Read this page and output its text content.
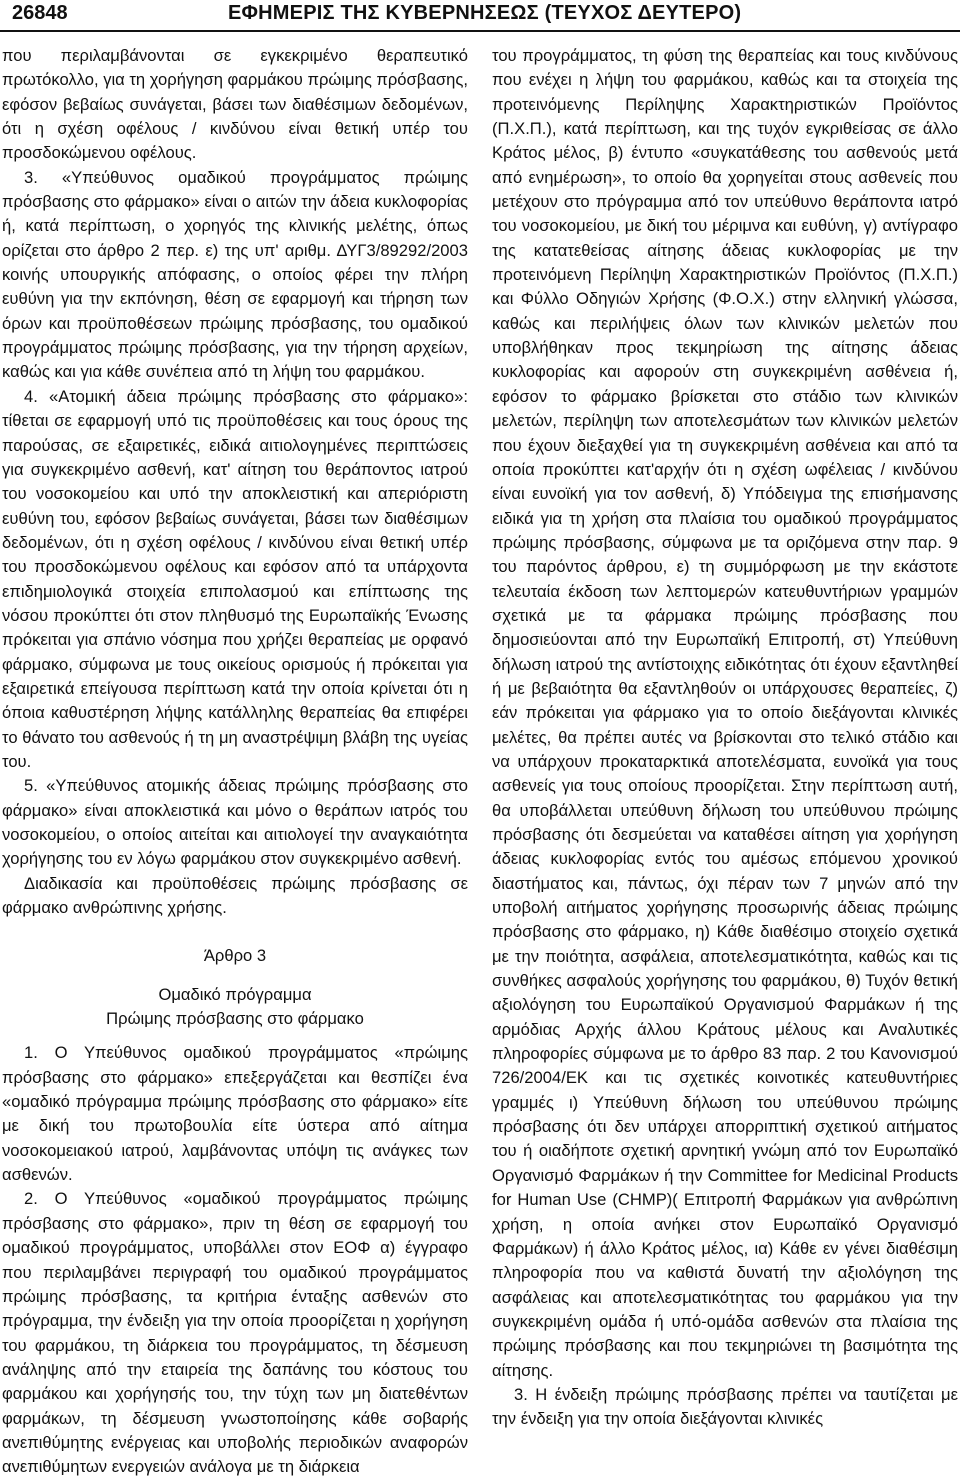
26848	ΕΦΗΜΕΡΙΣ ΤΗΣ ΚΥΒΕΡΝΗΣΕΩΣ (ΤΕΥΧΟΣ ΔΕΥΤΕΡΟ)

που περιλαμβάνονται σε εγκεκριμένο θεραπευτικό πρωτόκολλο, για τη χορήγηση φαρμάκου πρώιμης πρόσβασης, εφόσον βεβαίως συνάγεται, βάσει των διαθέσιμων δεδομένων, ότι η σχέση οφέλους / κινδύνου είναι θετική υπέρ του προσδοκώμενου οφέλους.

3. «Υπεύθυνος ομαδικού προγράμματος πρώιμης πρόσβασης στο φάρμακο» είναι ο αιτών την άδεια κυκλοφορίας ή, κατά περίπτωση, ο χορηγός της κλινικής μελέτης, όπως ορίζεται στο άρθρο 2 περ. ε) της υπ' αριθμ. ΔΥΓ3/89292/2003 κοινής υπουργικής απόφασης, ο οποίος φέρει την πλήρη ευθύνη για την εκπόνηση, θέση σε εφαρμογή και τήρηση των όρων και προϋποθέσεων πρώιμης πρόσβασης, του ομαδικού προγράμματος πρώιμης πρόσβασης, για την τήρηση αρχείων, καθώς και για κάθε συνέπεια από τη λήψη του φαρμάκου.

4. «Ατομική άδεια πρώιμης πρόσβασης στο φάρμακο»: τίθεται σε εφαρμογή υπό τις προϋποθέσεις και τους όρους της παρούσας, σε εξαιρετικές, ειδικά αιτιολογημένες περιπτώσεις για συγκεκριμένο ασθενή, κατ' αίτηση του θεράποντος ιατρού του νοσοκομείου και υπό την αποκλειστική και απεριόριστη ευθύνη του, εφόσον βεβαίως συνάγεται, βάσει των διαθέσιμων δεδομένων, ότι η σχέση οφέλους / κινδύνου είναι θετική υπέρ του προσδοκώμενου οφέλους και εφόσον από τα υπάρχοντα επιδημιολογικά στοιχεία επιπολασμού και επίπτωσης της νόσου προκύπτει ότι στον πληθυσμό της Ευρωπαϊκής Ένωσης πρόκειται για σπάνιο νόσημα που χρήζει θεραπείας με ορφανό φάρμακο, σύμφωνα με τους οικείους ορισμούς ή πρόκειται για εξαιρετικά επείγουσα περίπτωση κατά την οποία κρίνεται ότι η όποια καθυστέρηση λήψης κατάλληλης θεραπείας θα επιφέρει το θάνατο του ασθενούς ή τη μη αναστρέψιμη βλάβη της υγείας του.

5. «Υπεύθυνος ατομικής άδειας πρώιμης πρόσβασης στο φάρμακο» είναι αποκλειστικά και μόνο ο θεράπων ιατρός του νοσοκομείου, ο οποίος αιτείται και αιτιολογεί την αναγκαιότητα χορήγησης του εν λόγω φαρμάκου στον συγκεκριμένο ασθενή.

Διαδικασία και προϋποθέσεις πρώιμης πρόσβασης σε φάρμακο ανθρώπινης χρήσης.

Άρθρο 3

Ομαδικό πρόγραμμα

Πρώιμης πρόσβασης στο φάρμακο

1. Ο Υπεύθυνος ομαδικού προγράμματος «πρώιμης πρόσβασης στο φάρμακο» επεξεργάζεται και θεσπίζει ένα «ομαδικό πρόγραμμα πρώιμης πρόσβασης στο φάρμακο» είτε με δική του πρωτοβουλία είτε ύστερα από αίτημα νοσοκομειακού ιατρού, λαμβάνοντας υπόψη τις ανάγκες των ασθενών.

2. Ο Υπεύθυνος «ομαδικού προγράμματος πρώιμης πρόσβασης στο φάρμακο», πριν τη θέση σε εφαρμογή του ομαδικού προγράμματος, υποβάλλει στον ΕΟΦ α) έγγραφο που περιλαμβάνει περιγραφή του ομαδικού προγράμματος πρώιμης πρόσβασης, τα κριτήρια ένταξης ασθενών στο πρόγραμμα, την ένδειξη για την οποία προορίζεται η χορήγηση του φαρμάκου, τη διάρκεια του προγράμματος, τη δέσμευση ανάληψης από την εταιρεία της δαπάνης του κόστους του φαρμάκου και χορήγησής του, την τύχη των μη διατεθέντων φαρμάκων, τη δέσμευση γνωστοποίησης κάθε σοβαρής ανεπιθύμητης ενέργειας και υποβολής περιοδικών αναφορών ανεπιθύμητων ενεργειών ανάλογα με τη διάρκεια

του προγράμματος, τη φύση της θεραπείας και τους κινδύνους που ενέχει η λήψη του φαρμάκου, καθώς και τα στοιχεία της προτεινόμενης Περίληψης Χαρακτηριστικών Προϊόντος (Π.Χ.Π.), κατά περίπτωση, και της τυχόν εγκριθείσας σε άλλο Κράτος μέλος, β) έντυπο «συγκατάθεσης του ασθενούς μετά από ενημέρωση», το οποίο θα χορηγείται στους ασθενείς που μετέχουν στο πρόγραμμα από τον υπεύθυνο θεράποντα ιατρό του νοσοκομείου, με δική του μέριμνα και ευθύνη, γ) αντίγραφο της κατατεθείσας αίτησης άδειας κυκλοφορίας με την προτεινόμενη Περίληψη Χαρακτηριστικών Προϊόντος (Π.Χ.Π.) και Φύλλο Οδηγιών Χρήσης (Φ.Ο.Χ.) στην ελληνική γλώσσα, καθώς και περιλήψεις όλων των κλινικών μελετών που υποβλήθηκαν προς τεκμηρίωση της αίτησης άδειας κυκλοφορίας και αφορούν στη συγκεκριμένη ασθένεια ή, εφόσον το φάρμακο βρίσκεται στο στάδιο των κλινικών μελετών, περίληψη των αποτελεσμάτων των κλινικών μελετών που έχουν διεξαχθεί για τη συγκεκριμένη ασθένεια και από τα οποία προκύπτει κατ'αρχήν ότι η σχέση ωφέλειας / κινδύνου είναι ευνοϊκή για τον ασθενή, δ) Υπόδειγμα της επισήμανσης ειδικά για τη χρήση στα πλαίσια του ομαδικού προγράμματος πρώιμης πρόσβασης, σύμφωνα με τα οριζόμενα στην παρ. 9 του παρόντος άρθρου, ε) τη συμμόρφωση με την εκάστοτε τελευταία έκδοση των λεπτομερών κατευθυντήριων γραμμών σχετικά με τα φάρμακα πρώιμης πρόσβασης που δημοσιεύονται από την Ευρωπαϊκή Επιτροπή, στ) Υπεύθυνη δήλωση ιατρού της αντίστοιχης ειδικότητας ότι έχουν εξαντληθεί ή με βεβαιότητα θα εξαντληθούν οι υπάρχουσες θεραπείες, ζ) εάν πρόκειται για φάρμακο για το οποίο διεξάγονται κλινικές μελέτες, θα πρέπει αυτές να βρίσκονται στο τελικό στάδιο και να υπάρχουν προκαταρκτικά αποτελέσματα, ευνοϊκά για τους ασθενείς για τους οποίους προορίζεται. Στην περίπτωση αυτή, θα υποβάλλεται υπεύθυνη δήλωση του υπεύθυνου πρώιμης πρόσβασης ότι δεσμεύεται να καταθέσει αίτηση για χορήγηση άδειας κυκλοφορίας εντός του αμέσως επόμενου χρονικού διαστήματος και, πάντως, όχι πέραν των 7 μηνών από την υποβολή αιτήματος χορήγησης προσωρινής άδειας πρώιμης πρόσβασης στο φάρμακο, η) Κάθε διαθέσιμο στοιχείο σχετικά με την ποιότητα, ασφάλεια, αποτελεσματικότητα, καθώς και τις συνθήκες ασφαλούς χορήγησης του φαρμάκου, θ) Τυχόν θετική αξιολόγηση του Ευρωπαϊκού Οργανισμού Φαρμάκων ή της αρμόδιας Αρχής άλλου Κράτους μέλους και Αναλυτικές πληροφορίες σύμφωνα με το άρθρο 83 παρ. 2 του Κανονισμού 726/2004/ΕΚ και τις σχετικές κοινοτικές κατευθυντήριες γραμμές ι) Υπεύθυνη δήλωση του υπεύθυνου πρώιμης πρόσβασης ότι δεν υπάρχει απορριπτική σχετικού αιτήματος του ή οιαδήποτε σχετική αρνητική γνώμη από τον Ευρωπαϊκό Οργανισμό Φαρμάκων ή την Committee for Medicinal Products for Human Use (CHMP)( Επιτροπή Φαρμάκων για ανθρώπινη χρήση, η οποία ανήκει στον Ευρωπαϊκό Οργανισμό Φαρμάκων) ή άλλο Κράτος μέλος, ια) Κάθε εν γένει διαθέσιμη πληροφορία που να καθιστά δυνατή την αξιολόγηση της ασφάλειας και αποτελεσματικότητας του φαρμάκου για την συγκεκριμένη ομάδα ή υπό-ομάδα ασθενών στα πλαίσια της πρώιμης πρόσβασης και που τεκμηριώνει τη βασιμότητα της αίτησης.

3. Η ένδειξη πρώιμης πρόσβασης πρέπει να ταυτίζεται με την ένδειξη για την οποία διεξάγονται κλινικές
